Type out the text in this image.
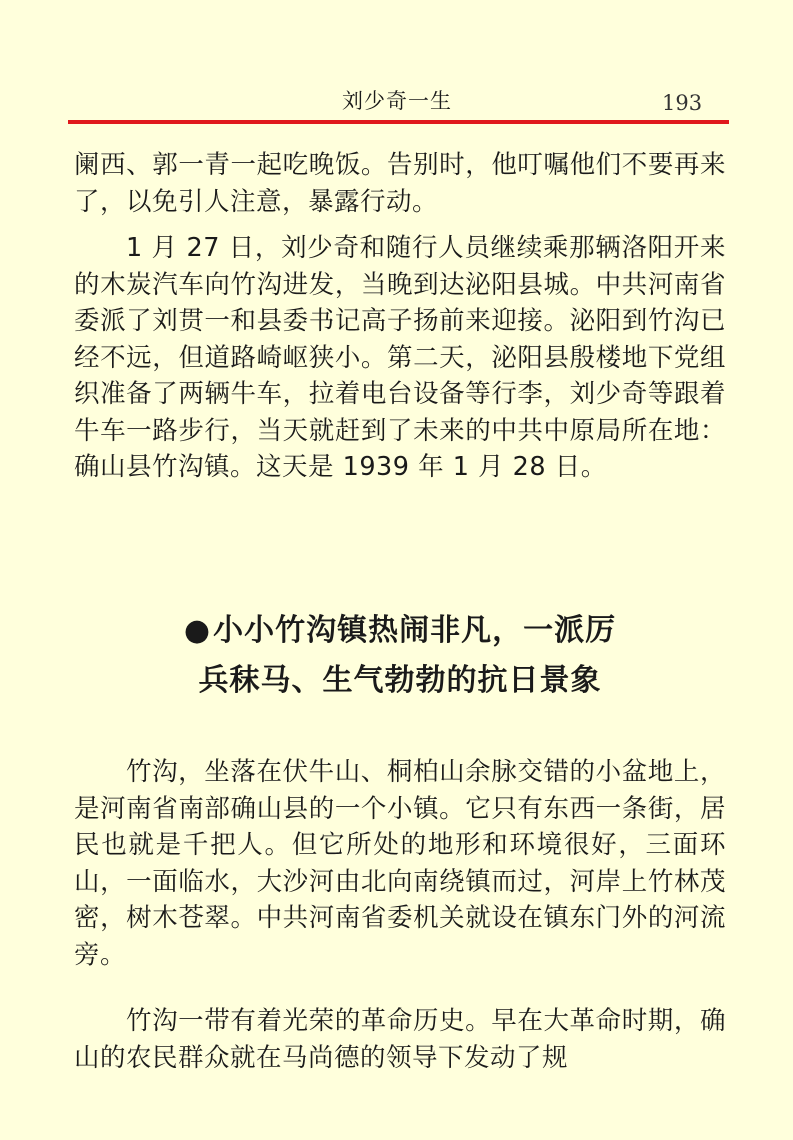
刘少奇一生	193

阑西、郭一青一起吃晚饭。告别时，他叮嘱他们不要再来了，以免引人注意，暴露行动。

1 月 27 日，刘少奇和随行人员继续乘那辆洛阳开来的木炭汽车向竹沟进发，当晚到达泌阳县城。中共河南省委派了刘贯一和县委书记高子扬前来迎接。泌阳到竹沟已经不远，但道路崎岖狭小。第二天，泌阳县殷楼地下党组织准备了两辆牛车，拉着电台设备等行李，刘少奇等跟着牛车一路步行，当天就赶到了未来的中共中原局所在地：确山县竹沟镇。这天是 1939 年 1 月 28 日。

●小小竹沟镇热闹非凡，一派厉
兵秣马、生气勃勃的抗日景象

竹沟，坐落在伏牛山、桐柏山余脉交错的小盆地上，是河南省南部确山县的一个小镇。它只有东西一条街，居民也就是千把人。但它所处的地形和环境很好，三面环山，一面临水，大沙河由北向南绕镇而过，河岸上竹林茂密，树木苍翠。中共河南省委机关就设在镇东门外的河流旁。

竹沟一带有着光荣的革命历史。早在大革命时期，确山的农民群众就在马尚德的领导下发动了规
